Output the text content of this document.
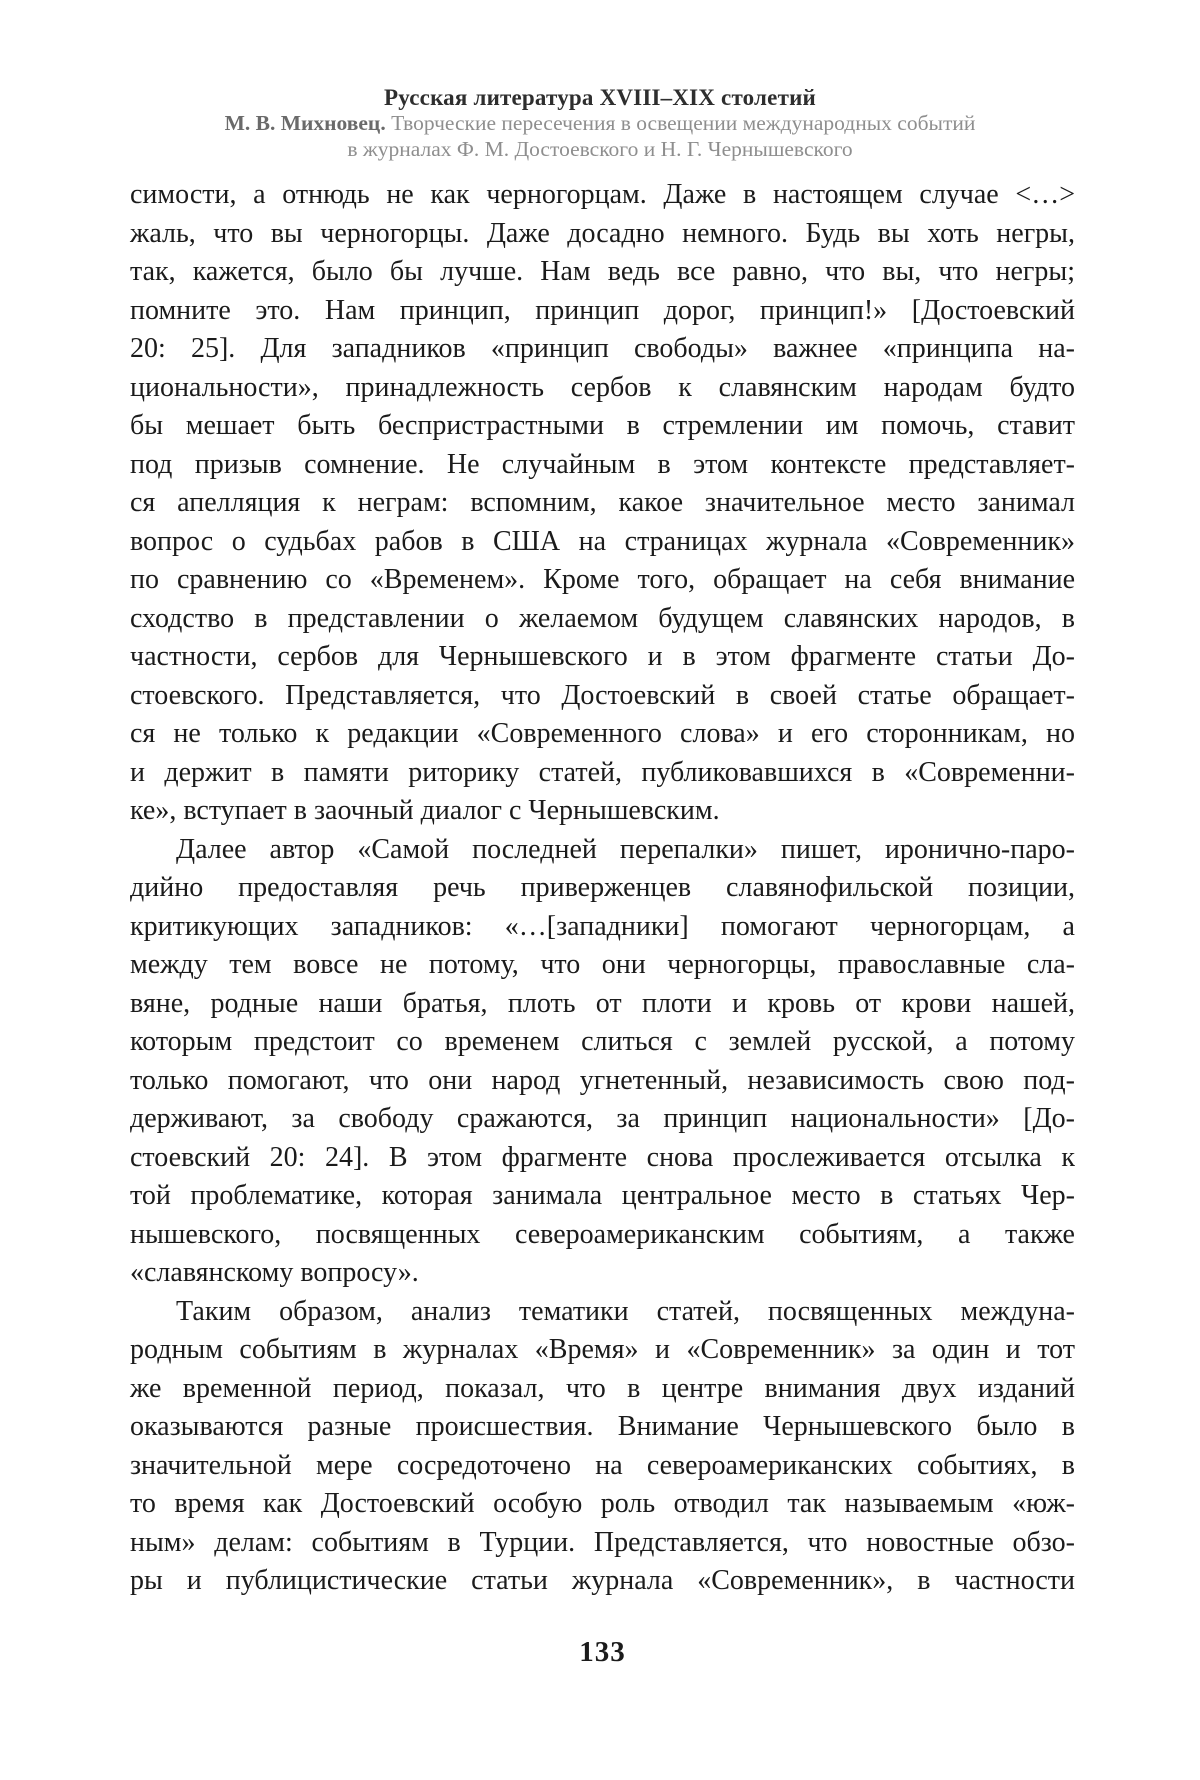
Русская литература XVIII–XIX столетий
М. В. Михновец. Творческие пересечения в освещении международных событий
в журналах Ф. М. Достоевского и Н. Г. Чернышевского
симости, а отнюдь не как черногорцам. Даже в настоящем случае <…>
жаль, что вы черногорцы. Даже досадно немного. Будь вы хоть негры,
так, кажется, было бы лучше. Нам ведь все равно, что вы, что негры;
помните это. Нам принцип, принцип дорог, принцип!» [Достоевский
20: 25]. Для западников «принцип свободы» важнее «принципа на-
циональности», принадлежность сербов к славянским народам будто
бы мешает быть беспристрастными в стремлении им помочь, ставит
под призыв сомнение. Не случайным в этом контексте представляет-
ся апелляция к неграм: вспомним, какое значительное место занимал
вопрос о судьбах рабов в США на страницах журнала «Современник»
по сравнению со «Временем». Кроме того, обращает на себя внимание
сходство в представлении о желаемом будущем славянских народов, в
частности, сербов для Чернышевского и в этом фрагменте статьи До-
стоевского. Представляется, что Достоевский в своей статье обращает-
ся не только к редакции «Современного слова» и его сторонникам, но
и держит в памяти риторику статей, публиковавшихся в «Современни-
ке», вступает в заочный диалог с Чернышевским.
Далее автор «Самой последней перепалки» пишет, иронично-паро-
дийно предоставляя речь приверженцев славянофильской позиции,
критикующих западников: «…[западники] помогают черногорцам, а
между тем вовсе не потому, что они черногорцы, православные сла-
вяне, родные наши братья, плоть от плоти и кровь от крови нашей,
которым предстоит со временем слиться с землей русской, а потому
только помогают, что они народ угнетенный, независимость свою под-
держивают, за свободу сражаются, за принцип национальности» [До-
стоевский 20: 24]. В этом фрагменте снова прослеживается отсылка к
той проблематике, которая занимала центральное место в статьях Чер-
нышевского, посвященных североамериканским событиям, а также
«славянскому вопросу».
Таким образом, анализ тематики статей, посвященных междуна-
родным событиям в журналах «Время» и «Современник» за один и тот
же временной период, показал, что в центре внимания двух изданий
оказываются разные происшествия. Внимание Чернышевского было в
значительной мере сосредоточено на североамериканских событиях, в
то время как Достоевский особую роль отводил так называемым «юж-
ным» делам: событиям в Турции. Представляется, что новостные обзо-
ры и публицистические статьи журнала «Современник», в частности
133
